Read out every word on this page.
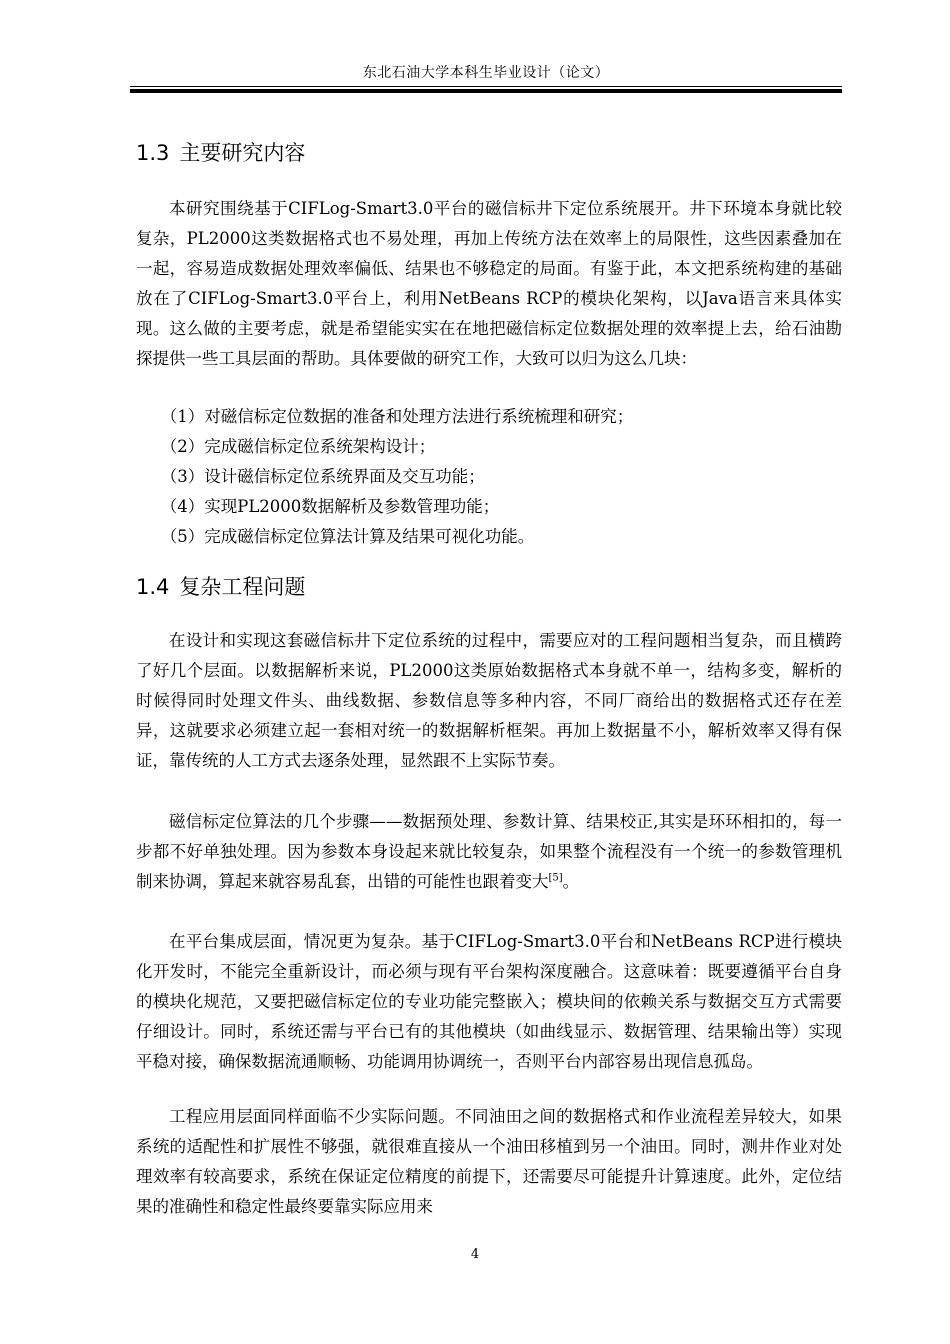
东北石油大学本科生毕业设计（论文）
1.3 主要研究内容
本研究围绕基于CIFLog-Smart3.0平台的磁信标井下定位系统展开。井下环境本身就比较复杂，PL2000这类数据格式也不易处理，再加上传统方法在效率上的局限性，这些因素叠加在一起，容易造成数据处理效率偏低、结果也不够稳定的局面。有鉴于此，本文把系统构建的基础放在了CIFLog-Smart3.0平台上，利用NetBeans RCP的模块化架构，以Java语言来具体实现。这么做的主要考虑，就是希望能实实在在地把磁信标定位数据处理的效率提上去，给石油勘探提供一些工具层面的帮助。具体要做的研究工作，大致可以归为这么几块：
（1）对磁信标定位数据的准备和处理方法进行系统梳理和研究；
（2）完成磁信标定位系统架构设计；
（3）设计磁信标定位系统界面及交互功能；
（4）实现PL2000数据解析及参数管理功能；
（5）完成磁信标定位算法计算及结果可视化功能。
1.4 复杂工程问题
在设计和实现这套磁信标井下定位系统的过程中，需要应对的工程问题相当复杂，而且横跨了好几个层面。以数据解析来说，PL2000这类原始数据格式本身就不单一，结构多变，解析的时候得同时处理文件头、曲线数据、参数信息等多种内容，不同厂商给出的数据格式还存在差异，这就要求必须建立起一套相对统一的数据解析框架。再加上数据量不小，解析效率又得有保证，靠传统的人工方式去逐条处理，显然跟不上实际节奏。
磁信标定位算法的几个步骤——数据预处理、参数计算、结果校正,其实是环环相扣的，每一步都不好单独处理。因为参数本身设起来就比较复杂，如果整个流程没有一个统一的参数管理机制来协调，算起来就容易乱套，出错的可能性也跟着变大[5]。
在平台集成层面，情况更为复杂。基于CIFLog-Smart3.0平台和NetBeans RCP进行模块化开发时，不能完全重新设计，而必须与现有平台架构深度融合。这意味着：既要遵循平台自身的模块化规范，又要把磁信标定位的专业功能完整嵌入；模块间的依赖关系与数据交互方式需要仔细设计。同时，系统还需与平台已有的其他模块（如曲线显示、数据管理、结果输出等）实现平稳对接，确保数据流通顺畅、功能调用协调统一，否则平台内部容易出现信息孤岛。
工程应用层面同样面临不少实际问题。不同油田之间的数据格式和作业流程差异较大，如果系统的适配性和扩展性不够强，就很难直接从一个油田移植到另一个油田。同时，测井作业对处理效率有较高要求，系统在保证定位精度的前提下，还需要尽可能提升计算速度。此外，定位结果的准确性和稳定性最终要靠实际应用来
4
